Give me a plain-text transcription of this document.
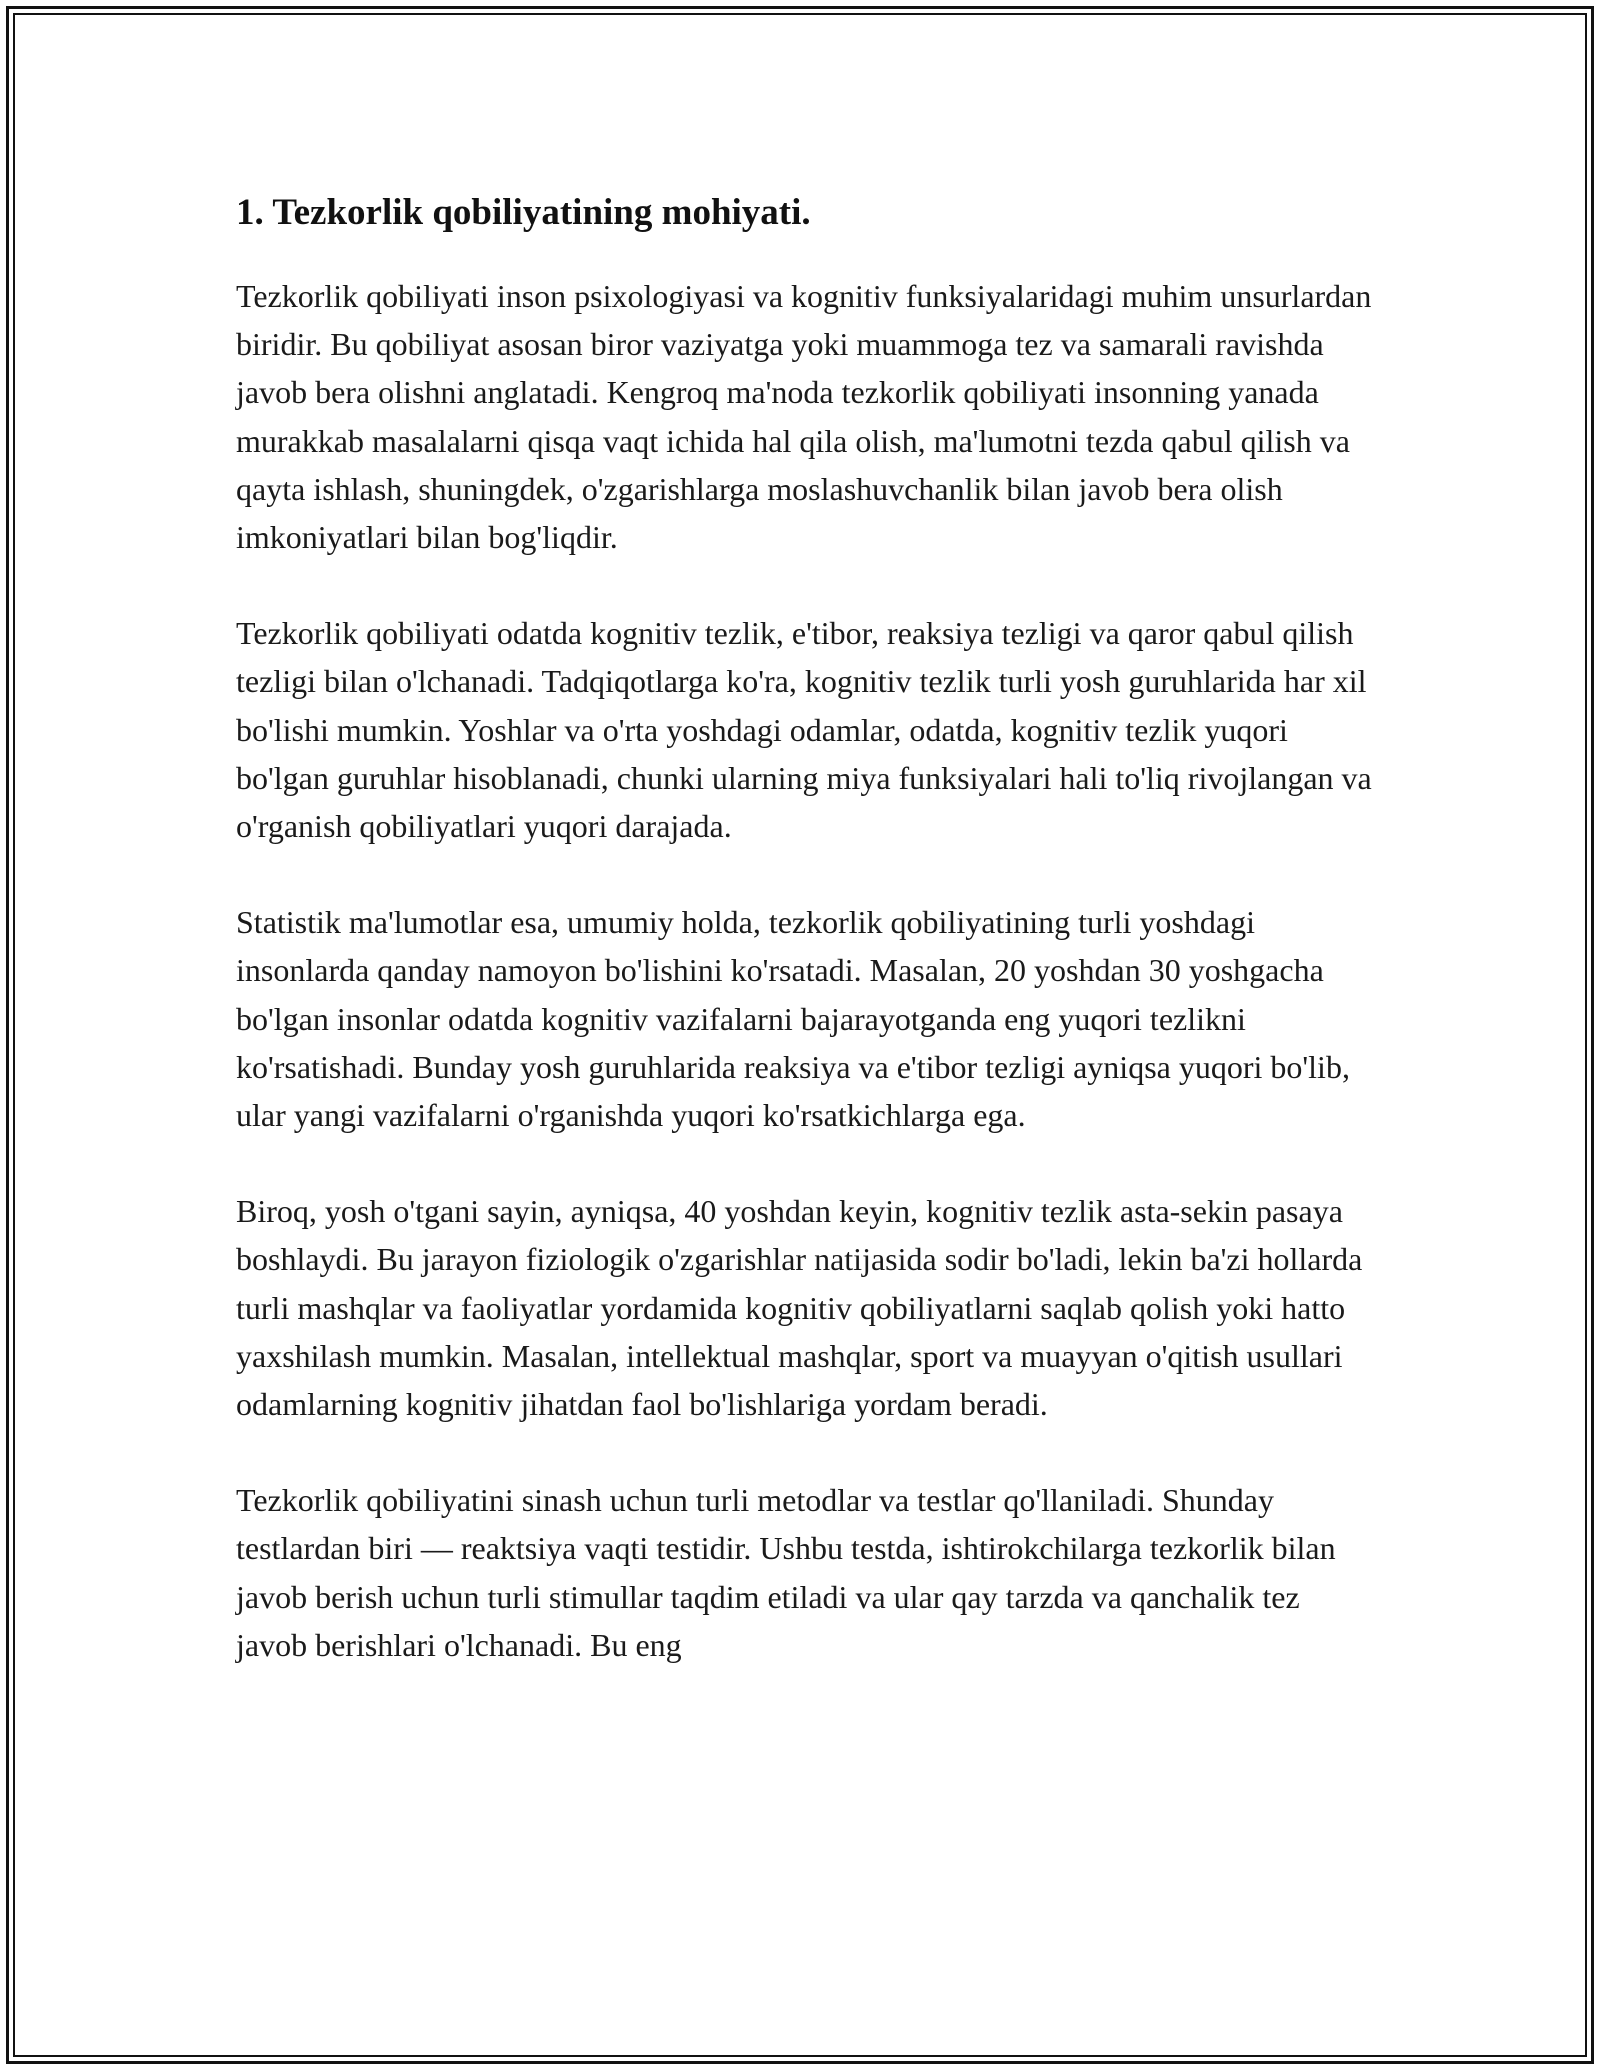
1. Tezkorlik qobiliyatining mohiyati.

Tezkorlik qobiliyati inson psixologiyasi va kognitiv funksiyalaridagi muhim unsurlardan biridir. Bu qobiliyat asosan biror vaziyatga yoki muammoga tez va samarali ravishda javob bera olishni anglatadi. Kengroq ma'noda tezkorlik qobiliyati insonning yanada murakkab masalalarni qisqa vaqt ichida hal qila olish, ma'lumotni tezda qabul qilish va qayta ishlash, shuningdek, o'zgarishlarga moslashuvchanlik bilan javob bera olish imkoniyatlari bilan bog'liqdir.

Tezkorlik qobiliyati odatda kognitiv tezlik, e'tibor, reaksiya tezligi va qaror qabul qilish tezligi bilan o'lchanadi. Tadqiqotlarga ko'ra, kognitiv tezlik turli yosh guruhlarida har xil bo'lishi mumkin. Yoshlar va o'rta yoshdagi odamlar, odatda, kognitiv tezlik yuqori bo'lgan guruhlar hisoblanadi, chunki ularning miya funksiyalari hali to'liq rivojlangan va o'rganish qobiliyatlari yuqori darajada.

Statistik ma'lumotlar esa, umumiy holda, tezkorlik qobiliyatining turli yoshdagi insonlarda qanday namoyon bo'lishini ko'rsatadi. Masalan, 20 yoshdan 30 yoshgacha bo'lgan insonlar odatda kognitiv vazifalarni bajarayotganda eng yuqori tezlikni ko'rsatishadi. Bunday yosh guruhlarida reaksiya va e'tibor tezligi ayniqsa yuqori bo'lib, ular yangi vazifalarni o'rganishda yuqori ko'rsatkichlarga ega.

Biroq, yosh o'tgani sayin, ayniqsa, 40 yoshdan keyin, kognitiv tezlik asta-sekin pasaya boshlaydi. Bu jarayon fiziologik o'zgarishlar natijasida sodir bo'ladi, lekin ba'zi hollarda turli mashqlar va faoliyatlar yordamida kognitiv qobiliyatlarni saqlab qolish yoki hatto yaxshilash mumkin. Masalan, intellektual mashqlar, sport va muayyan o'qitish usullari odamlarning kognitiv jihatdan faol bo'lishlariga yordam beradi.

Tezkorlik qobiliyatini sinash uchun turli metodlar va testlar qo'llaniladi. Shunday testlardan biri — reaktsiya vaqti testidir. Ushbu testda, ishtirokchilarga tezkorlik bilan javob berish uchun turli stimullar taqdim etiladi va ular qay tarzda va qanchalik tez javob berishlari o'lchanadi. Bu eng
